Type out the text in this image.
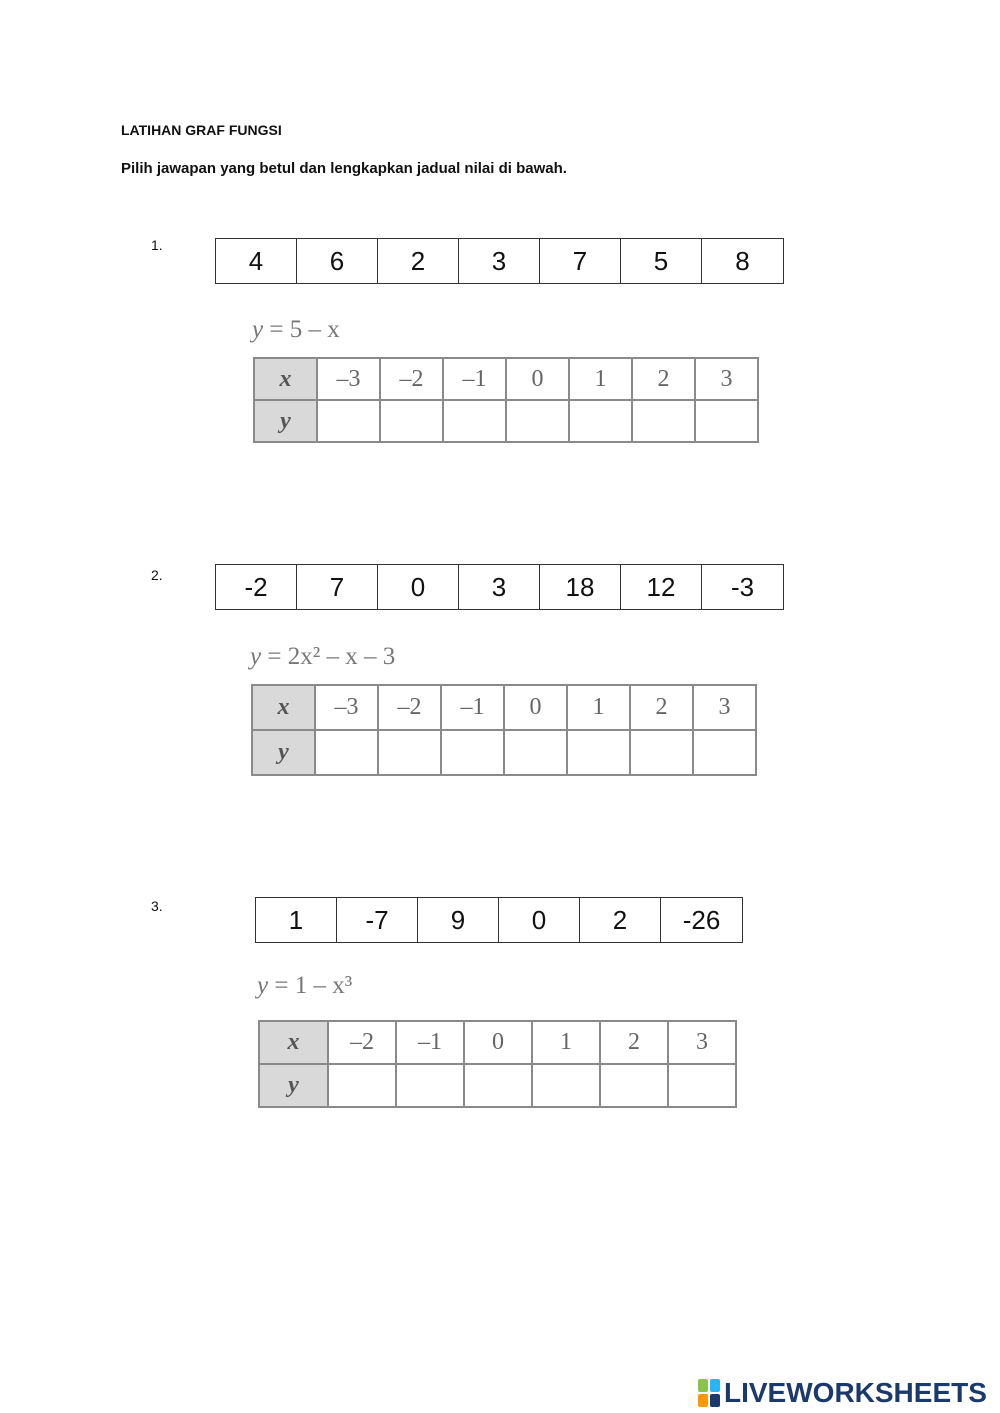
LATIHAN GRAF FUNGSI
Pilih jawapan yang betul dan lengkapkan jadual nilai di bawah.
1.
4	6	2	3	7	5	8
y = 5 – x
x	–3	–2	–1	0	1	2	3
y							
2.	-2	7	0	3	18	12	-3
y = 2x² – x – 3
x	–3	–2	–1	0	1	2	3
y							
3.	1	-7	9	0	2	-26
y = 1 – x³
x	–2	–1	0	1	2	3
y						
LIVEWORKSHEETS
